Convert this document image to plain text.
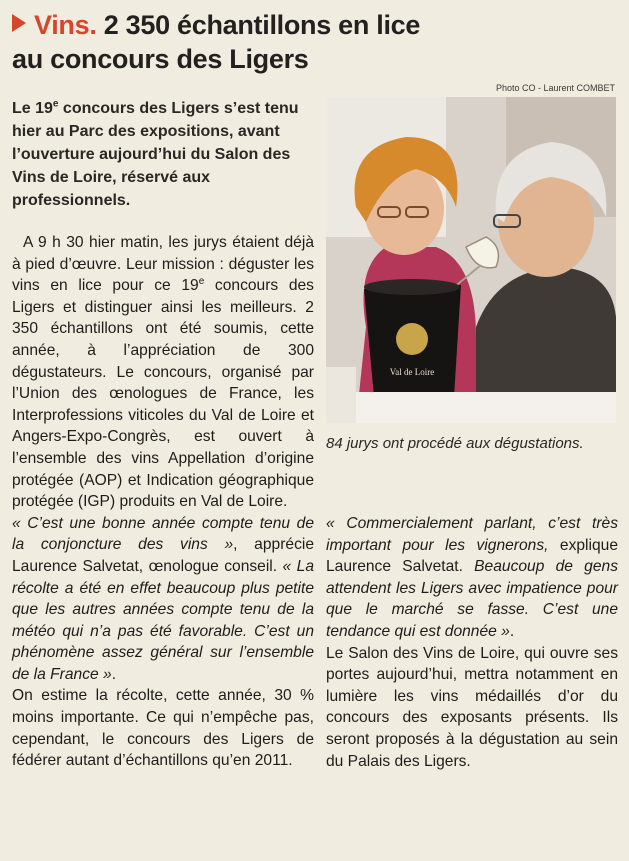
Vins. 2 350 échantillons en lice
au concours des Ligers
Photo CO - Laurent COMBET
Le 19e concours des Ligers s’est tenu hier au Parc des expositions, avant l’ouverture aujourd’hui du Salon des Vins de Loire, réservé aux professionnels.
Val de Loire
84 jurys ont procédé aux dégustations.

A 9 h 30 hier matin, les jurys étaient déjà à pied d’œuvre. Leur mission : déguster les vins en lice pour ce 19e concours des Ligers et distinguer ainsi les meilleurs. 2 350 échantillons ont été soumis, cette année, à l’appréciation de 300 dégustateurs. Le concours, organisé par l’Union des œnologues de France, les Interprofessions viticoles du Val de Loire et Angers-Expo-Congrès, est ouvert à l’ensemble des vins Appellation d’origine protégée (AOP) et Indication géographique protégée (IGP) produits en Val de Loire.

« C’est une bonne année compte tenu de la conjoncture des vins », apprécie Laurence Salvetat, œnologue conseil. « La récolte a été en effet beaucoup plus petite que les autres années compte tenu de la météo qui n’a pas été favorable. C’est un phénomène assez général sur l’ensemble de la France ».

On estime la récolte, cette année, 30 % moins importante. Ce qui n’empêche pas, cependant, le concours des Ligers de fédérer autant d’échantillons qu’en 2011.

« Commercialement parlant, c’est très important pour les vignerons, explique Laurence Salvetat. Beaucoup de gens attendent les Ligers avec impatience pour que le marché se fasse. C’est une tendance qui est donnée ».

Le Salon des Vins de Loire, qui ouvre ses portes aujourd’hui, mettra notamment en lumière les vins médaillés d’or du concours des exposants présents. Ils seront proposés à la dégustation au sein du Palais des Ligers.
